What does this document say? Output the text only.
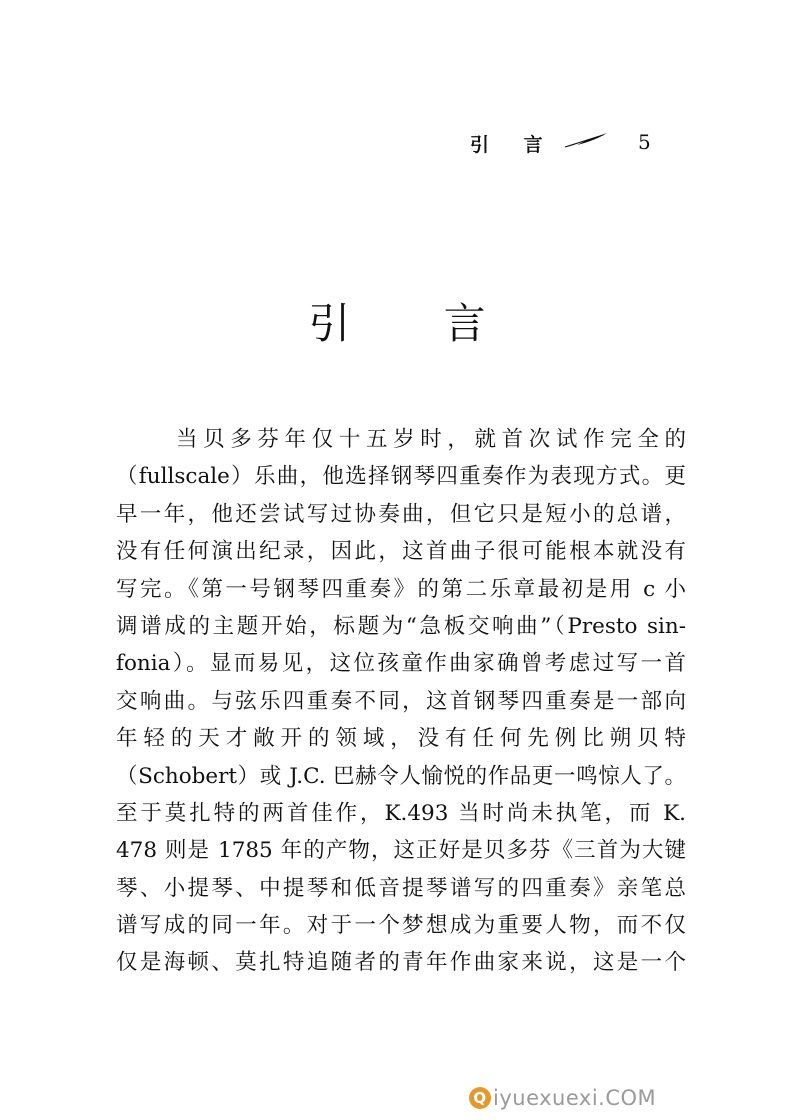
引 言	5
引 言
当贝多芬年仅十五岁时，就首次试作完全的
（fullscale）乐曲，他选择钢琴四重奏作为表现方式。更
早一年，他还尝试写过协奏曲，但它只是短小的总谱，
没有任何演出纪录，因此，这首曲子很可能根本就没有
写完。《第一号钢琴四重奏》的第二乐章最初是用 c 小
调谱成的主题开始，标题为“急板交响曲”（Presto sin-
fonia）。显而易见，这位孩童作曲家确曾考虑过写一首
交响曲。与弦乐四重奏不同，这首钢琴四重奏是一部向
年轻的天才敞开的领域，没有任何先例比朔贝特
（Schobert）或 J.C. 巴赫令人愉悦的作品更一鸣惊人了。
至于莫扎特的两首佳作，K.493 当时尚未执笔，而 K.
478 则是 1785 年的产物，这正好是贝多芬《三首为大键
琴、小提琴、中提琴和低音提琴谱写的四重奏》亲笔总
谱写成的同一年。对于一个梦想成为重要人物，而不仅
仅是海顿、莫扎特追随者的青年作曲家来说，这是一个
Q iyuexuexi.COM
